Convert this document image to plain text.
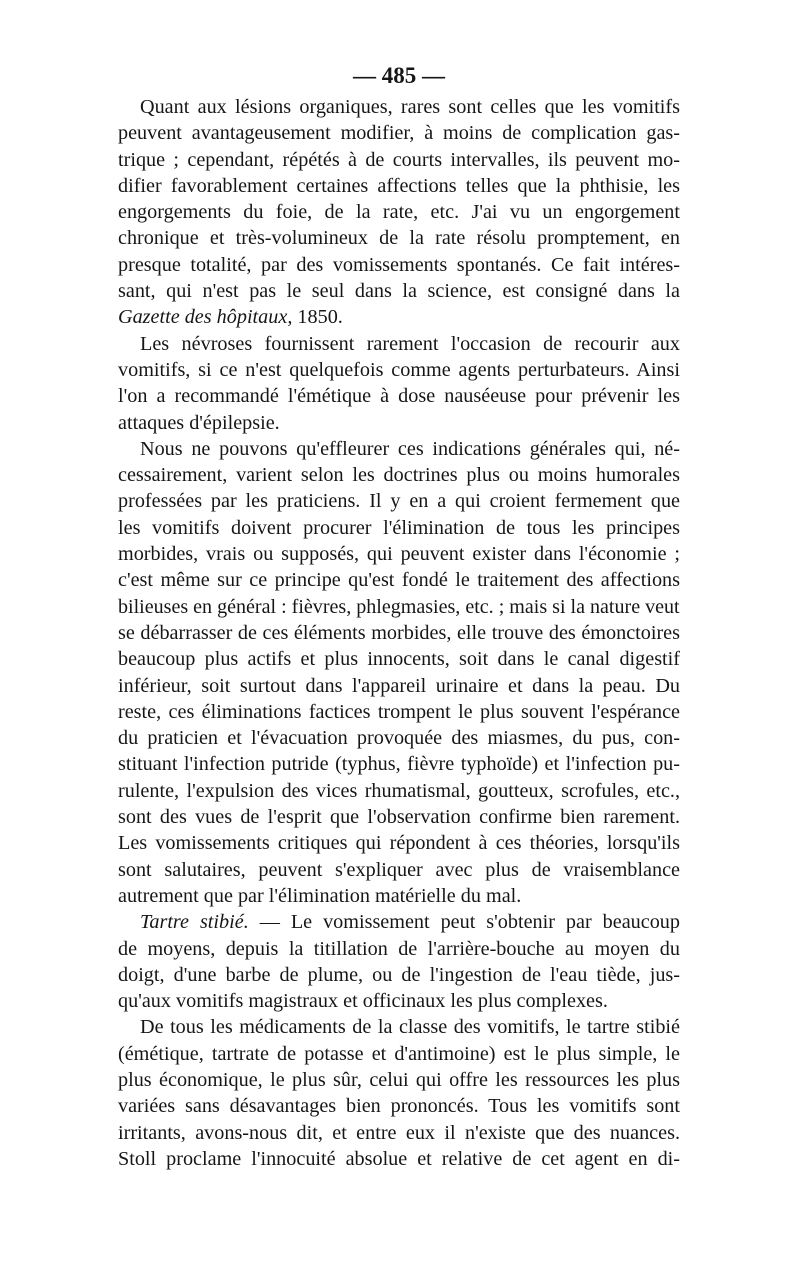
— 485 —
Quant aux lésions organiques, rares sont celles que les vomitifs
peuvent avantageusement modifier, à moins de complication gas-
trique ; cependant, répétés à de courts intervalles, ils peuvent mo-
difier favorablement certaines affections telles que la phthisie, les
engorgements du foie, de la rate, etc. J'ai vu un engorgement
chronique et très-volumineux de la rate résolu promptement, en
presque totalité, par des vomissements spontanés. Ce fait intéres-
sant, qui n'est pas le seul dans la science, est consigné dans la
Gazette des hôpitaux, 1850.
Les névroses fournissent rarement l'occasion de recourir aux
vomitifs, si ce n'est quelquefois comme agents perturbateurs. Ainsi
l'on a recommandé l'émétique à dose nauséeuse pour prévenir les
attaques d'épilepsie.
Nous ne pouvons qu'effleurer ces indications générales qui, né-
cessairement, varient selon les doctrines plus ou moins humorales
professées par les praticiens. Il y en a qui croient fermement que
les vomitifs doivent procurer l'élimination de tous les principes
morbides, vrais ou supposés, qui peuvent exister dans l'économie ;
c'est même sur ce principe qu'est fondé le traitement des affections
bilieuses en général : fièvres, phlegmasies, etc. ; mais si la nature veut
se débarrasser de ces éléments morbides, elle trouve des émonctoires
beaucoup plus actifs et plus innocents, soit dans le canal digestif
inférieur, soit surtout dans l'appareil urinaire et dans la peau. Du
reste, ces éliminations factices trompent le plus souvent l'espérance
du praticien et l'évacuation provoquée des miasmes, du pus, con-
stituant l'infection putride (typhus, fièvre typhoïde) et l'infection pu-
rulente, l'expulsion des vices rhumatismal, goutteux, scrofules, etc.,
sont des vues de l'esprit que l'observation confirme bien rarement.
Les vomissements critiques qui répondent à ces théories, lorsqu'ils
sont salutaires, peuvent s'expliquer avec plus de vraisemblance
autrement que par l'élimination matérielle du mal.
Tartre stibié. — Le vomissement peut s'obtenir par beaucoup
de moyens, depuis la titillation de l'arrière-bouche au moyen du
doigt, d'une barbe de plume, ou de l'ingestion de l'eau tiède, jus-
qu'aux vomitifs magistraux et officinaux les plus complexes.
De tous les médicaments de la classe des vomitifs, le tartre stibié
(émétique, tartrate de potasse et d'antimoine) est le plus simple, le
plus économique, le plus sûr, celui qui offre les ressources les plus
variées sans désavantages bien prononcés. Tous les vomitifs sont
irritants, avons-nous dit, et entre eux il n'existe que des nuances.
Stoll proclame l'innocuité absolue et relative de cet agent en di-
